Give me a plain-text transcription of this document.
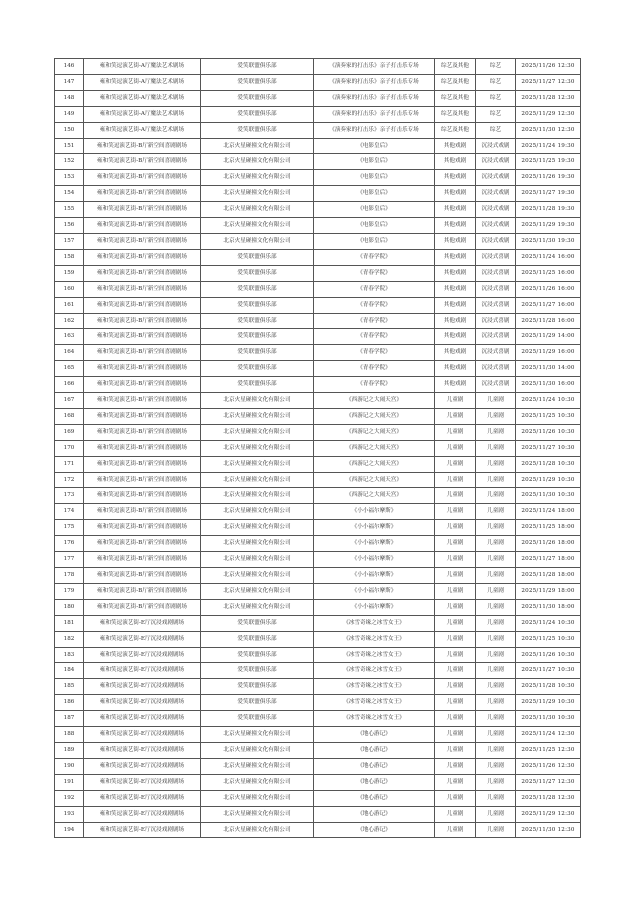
146	雍和笑逗演艺街-A厅魔法艺术剧场	爱笑联盟俱乐部	《演奏家的打击乐》亲子打击乐专场	综艺及其他	综艺	2025/11/26 12:30
147	雍和笑逗演艺街-A厅魔法艺术剧场	爱笑联盟俱乐部	《演奏家的打击乐》亲子打击乐专场	综艺及其他	综艺	2025/11/27 12:30
148	雍和笑逗演艺街-A厅魔法艺术剧场	爱笑联盟俱乐部	《演奏家的打击乐》亲子打击乐专场	综艺及其他	综艺	2025/11/28 12:30
149	雍和笑逗演艺街-A厅魔法艺术剧场	爱笑联盟俱乐部	《演奏家的打击乐》亲子打击乐专场	综艺及其他	综艺	2025/11/29 12:30
150	雍和笑逗演艺街-A厅魔法艺术剧场	爱笑联盟俱乐部	《演奏家的打击乐》亲子打击乐专场	综艺及其他	综艺	2025/11/30 12:30
151	雍和笑逗演艺街-B厅新空间喜剧剧场	北京火星碰撞文化有限公司	《电影皇后》	其他戏剧	沉浸式戏剧	2025/11/24 19:30
152	雍和笑逗演艺街-B厅新空间喜剧剧场	北京火星碰撞文化有限公司	《电影皇后》	其他戏剧	沉浸式戏剧	2025/11/25 19:30
153	雍和笑逗演艺街-B厅新空间喜剧剧场	北京火星碰撞文化有限公司	《电影皇后》	其他戏剧	沉浸式戏剧	2025/11/26 19:30
154	雍和笑逗演艺街-B厅新空间喜剧剧场	北京火星碰撞文化有限公司	《电影皇后》	其他戏剧	沉浸式戏剧	2025/11/27 19:30
155	雍和笑逗演艺街-B厅新空间喜剧剧场	北京火星碰撞文化有限公司	《电影皇后》	其他戏剧	沉浸式戏剧	2025/11/28 19:30
156	雍和笑逗演艺街-B厅新空间喜剧剧场	北京火星碰撞文化有限公司	《电影皇后》	其他戏剧	沉浸式戏剧	2025/11/29 19:30
157	雍和笑逗演艺街-B厅新空间喜剧剧场	北京火星碰撞文化有限公司	《电影皇后》	其他戏剧	沉浸式戏剧	2025/11/30 19:30
158	雍和笑逗演艺街-B厅新空间喜剧剧场	爱笑联盟俱乐部	《青春学院》	其他戏剧	沉浸式喜剧	2025/11/24 16:00
159	雍和笑逗演艺街-B厅新空间喜剧剧场	爱笑联盟俱乐部	《青春学院》	其他戏剧	沉浸式喜剧	2025/11/25 16:00
160	雍和笑逗演艺街-B厅新空间喜剧剧场	爱笑联盟俱乐部	《青春学院》	其他戏剧	沉浸式喜剧	2025/11/26 16:00
161	雍和笑逗演艺街-B厅新空间喜剧剧场	爱笑联盟俱乐部	《青春学院》	其他戏剧	沉浸式喜剧	2025/11/27 16:00
162	雍和笑逗演艺街-B厅新空间喜剧剧场	爱笑联盟俱乐部	《青春学院》	其他戏剧	沉浸式喜剧	2025/11/28 16:00
163	雍和笑逗演艺街-B厅新空间喜剧剧场	爱笑联盟俱乐部	《青春学院》	其他戏剧	沉浸式喜剧	2025/11/29 14:00
164	雍和笑逗演艺街-B厅新空间喜剧剧场	爱笑联盟俱乐部	《青春学院》	其他戏剧	沉浸式喜剧	2025/11/29 16:00
165	雍和笑逗演艺街-B厅新空间喜剧剧场	爱笑联盟俱乐部	《青春学院》	其他戏剧	沉浸式喜剧	2025/11/30 14:00
166	雍和笑逗演艺街-B厅新空间喜剧剧场	爱笑联盟俱乐部	《青春学院》	其他戏剧	沉浸式喜剧	2025/11/30 16:00
167	雍和笑逗演艺街-B厅新空间喜剧剧场	北京火星碰撞文化有限公司	《西游记之大闹天宫》	儿童剧	儿童剧	2025/11/24 10:30
168	雍和笑逗演艺街-B厅新空间喜剧剧场	北京火星碰撞文化有限公司	《西游记之大闹天宫》	儿童剧	儿童剧	2025/11/25 10:30
169	雍和笑逗演艺街-B厅新空间喜剧剧场	北京火星碰撞文化有限公司	《西游记之大闹天宫》	儿童剧	儿童剧	2025/11/26 10:30
170	雍和笑逗演艺街-B厅新空间喜剧剧场	北京火星碰撞文化有限公司	《西游记之大闹天宫》	儿童剧	儿童剧	2025/11/27 10:30
171	雍和笑逗演艺街-B厅新空间喜剧剧场	北京火星碰撞文化有限公司	《西游记之大闹天宫》	儿童剧	儿童剧	2025/11/28 10:30
172	雍和笑逗演艺街-B厅新空间喜剧剧场	北京火星碰撞文化有限公司	《西游记之大闹天宫》	儿童剧	儿童剧	2025/11/29 10:30
173	雍和笑逗演艺街-B厅新空间喜剧剧场	北京火星碰撞文化有限公司	《西游记之大闹天宫》	儿童剧	儿童剧	2025/11/30 10:30
174	雍和笑逗演艺街-B厅新空间喜剧剧场	北京火星碰撞文化有限公司	《小小福尔摩斯》	儿童剧	儿童剧	2025/11/24 18:00
175	雍和笑逗演艺街-B厅新空间喜剧剧场	北京火星碰撞文化有限公司	《小小福尔摩斯》	儿童剧	儿童剧	2025/11/25 18:00
176	雍和笑逗演艺街-B厅新空间喜剧剧场	北京火星碰撞文化有限公司	《小小福尔摩斯》	儿童剧	儿童剧	2025/11/26 18:00
177	雍和笑逗演艺街-B厅新空间喜剧剧场	北京火星碰撞文化有限公司	《小小福尔摩斯》	儿童剧	儿童剧	2025/11/27 18:00
178	雍和笑逗演艺街-B厅新空间喜剧剧场	北京火星碰撞文化有限公司	《小小福尔摩斯》	儿童剧	儿童剧	2025/11/28 18:00
179	雍和笑逗演艺街-B厅新空间喜剧剧场	北京火星碰撞文化有限公司	《小小福尔摩斯》	儿童剧	儿童剧	2025/11/29 18:00
180	雍和笑逗演艺街-B厅新空间喜剧剧场	北京火星碰撞文化有限公司	《小小福尔摩斯》	儿童剧	儿童剧	2025/11/30 18:00
181	雍和笑逗演艺街-E厅沉浸戏剧剧场	爱笑联盟俱乐部	《冰雪奇缘之冰雪女王》	儿童剧	儿童剧	2025/11/24 10:30
182	雍和笑逗演艺街-E厅沉浸戏剧剧场	爱笑联盟俱乐部	《冰雪奇缘之冰雪女王》	儿童剧	儿童剧	2025/11/25 10:30
183	雍和笑逗演艺街-E厅沉浸戏剧剧场	爱笑联盟俱乐部	《冰雪奇缘之冰雪女王》	儿童剧	儿童剧	2025/11/26 10:30
184	雍和笑逗演艺街-E厅沉浸戏剧剧场	爱笑联盟俱乐部	《冰雪奇缘之冰雪女王》	儿童剧	儿童剧	2025/11/27 10:30
185	雍和笑逗演艺街-E厅沉浸戏剧剧场	爱笑联盟俱乐部	《冰雪奇缘之冰雪女王》	儿童剧	儿童剧	2025/11/28 10:30
186	雍和笑逗演艺街-E厅沉浸戏剧剧场	爱笑联盟俱乐部	《冰雪奇缘之冰雪女王》	儿童剧	儿童剧	2025/11/29 10:30
187	雍和笑逗演艺街-E厅沉浸戏剧剧场	爱笑联盟俱乐部	《冰雪奇缘之冰雪女王》	儿童剧	儿童剧	2025/11/30 10:30
188	雍和笑逗演艺街-E厅沉浸戏剧剧场	北京火星碰撞文化有限公司	《地心游记》	儿童剧	儿童剧	2025/11/24 12:30
189	雍和笑逗演艺街-E厅沉浸戏剧剧场	北京火星碰撞文化有限公司	《地心游记》	儿童剧	儿童剧	2025/11/25 12:30
190	雍和笑逗演艺街-E厅沉浸戏剧剧场	北京火星碰撞文化有限公司	《地心游记》	儿童剧	儿童剧	2025/11/26 12:30
191	雍和笑逗演艺街-E厅沉浸戏剧剧场	北京火星碰撞文化有限公司	《地心游记》	儿童剧	儿童剧	2025/11/27 12:30
192	雍和笑逗演艺街-E厅沉浸戏剧剧场	北京火星碰撞文化有限公司	《地心游记》	儿童剧	儿童剧	2025/11/28 12:30
193	雍和笑逗演艺街-E厅沉浸戏剧剧场	北京火星碰撞文化有限公司	《地心游记》	儿童剧	儿童剧	2025/11/29 12:30
194	雍和笑逗演艺街-E厅沉浸戏剧剧场	北京火星碰撞文化有限公司	《地心游记》	儿童剧	儿童剧	2025/11/30 12:30
